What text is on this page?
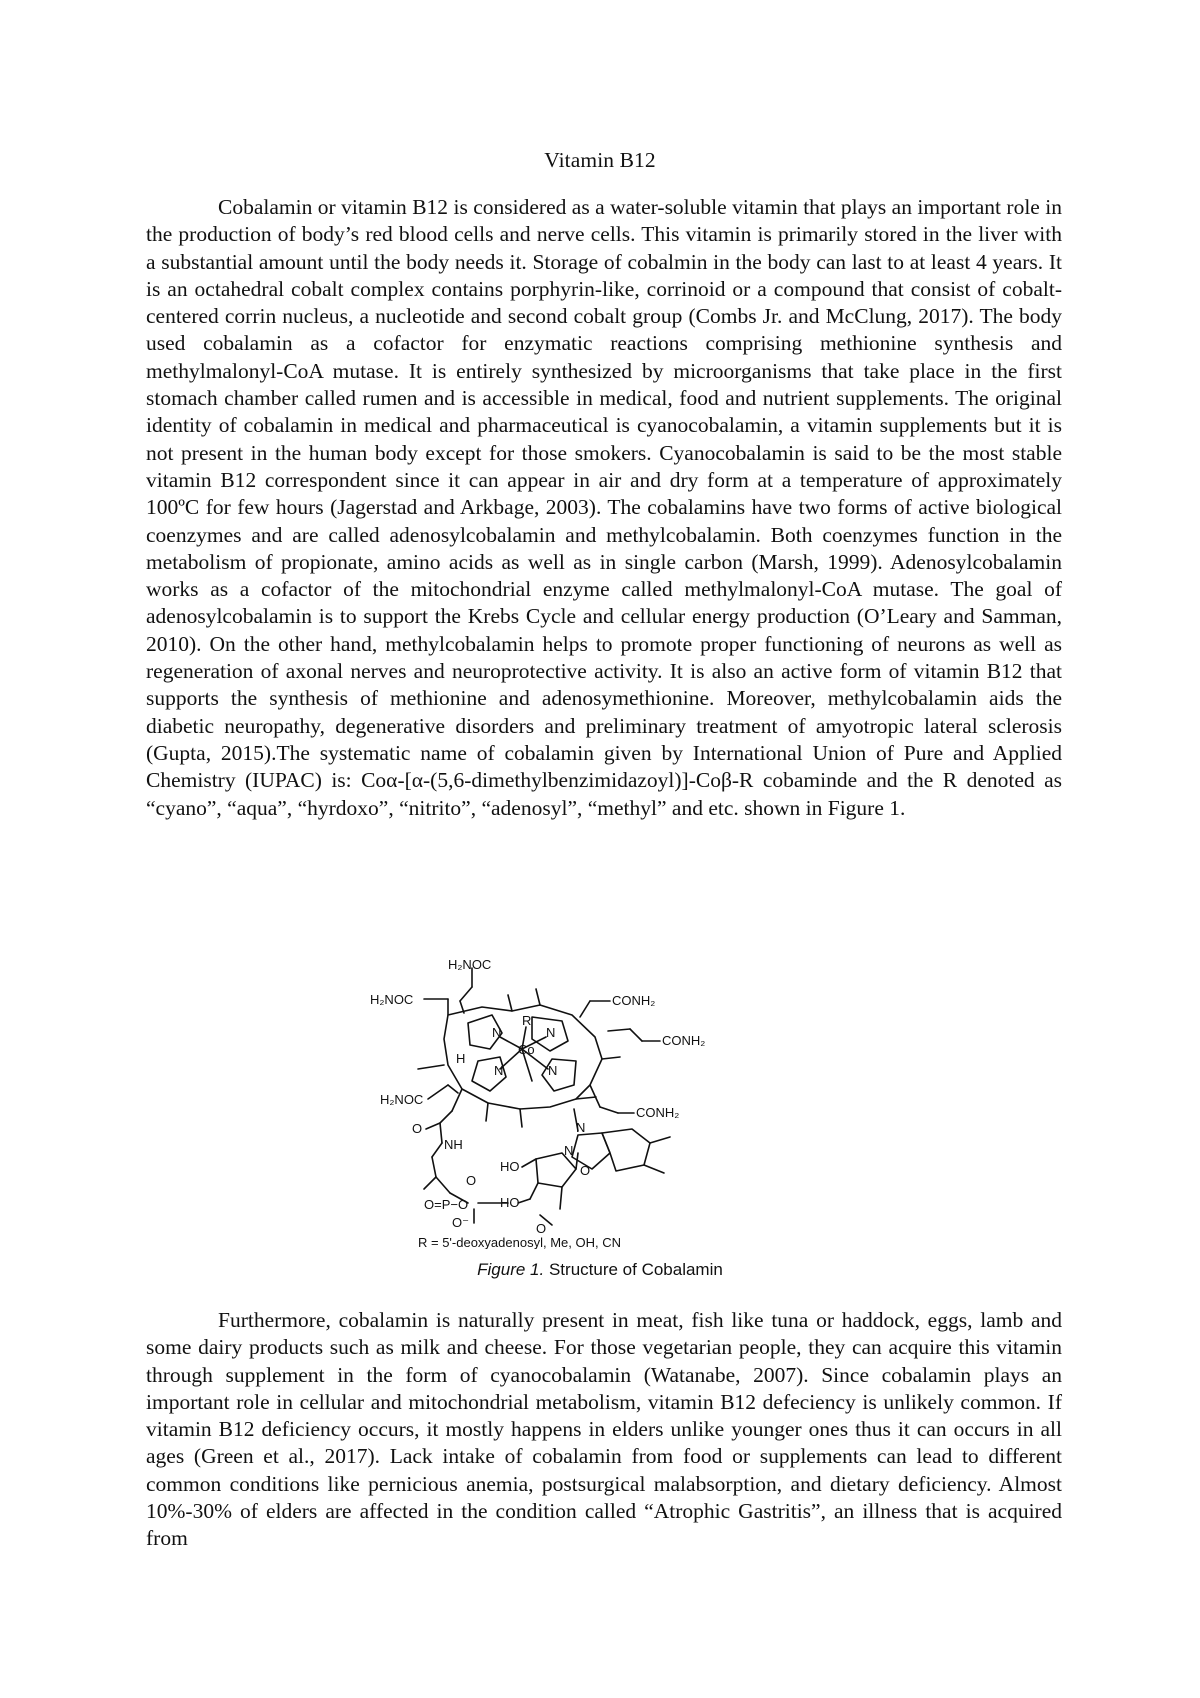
Vitamin B12
Cobalamin or vitamin B12 is considered as a water-soluble vitamin that plays an important role in the production of body’s red blood cells and nerve cells. This vitamin is primarily stored in the liver with a substantial amount until the body needs it. Storage of cobalmin in the body can last to at least 4 years. It is an octahedral cobalt complex contains porphyrin-like, corrinoid or a compound that consist of cobalt-centered corrin nucleus, a nucleotide and second cobalt group (Combs Jr. and McClung, 2017). The body used cobalamin as a cofactor for enzymatic reactions comprising methionine synthesis and methylmalonyl-CoA mutase. It is entirely synthesized by microorganisms that take place in the first stomach chamber called rumen and is accessible in medical, food and nutrient supplements. The original identity of cobalamin in medical and pharmaceutical is cyanocobalamin, a vitamin supplements but it is not present in the human body except for those smokers. Cyanocobalamin is said to be the most stable vitamin B12 correspondent since it can appear in air and dry form at a temperature of approximately 100ºC for few hours (Jagerstad and Arkbage, 2003). The cobalamins have two forms of active biological coenzymes and are called adenosylcobalamin and methylcobalamin. Both coenzymes function in the metabolism of propionate, amino acids as well as in single carbon (Marsh, 1999). Adenosylcobalamin works as a cofactor of the mitochondrial enzyme called methylmalonyl-CoA mutase. The goal of adenosylcobalamin is to support the Krebs Cycle and cellular energy production (O’Leary and Samman, 2010). On the other hand, methylcobalamin helps to promote proper functioning of neurons as well as regeneration of axonal nerves and neuroprotective activity. It is also an active form of vitamin B12 that supports the synthesis of methionine and adenosymethionine. Moreover, methylcobalamin aids the diabetic neuropathy, degenerative disorders and preliminary treatment of amyotropic lateral sclerosis (Gupta, 2015).The systematic name of cobalamin given by International Union of Pure and Applied Chemistry (IUPAC) is: Coα-[α-(5,6-dimethylbenzimidazoyl)]-Coβ-R cobaminde and the R denoted as “cyano”, “aqua”, “hyrdoxo”, “nitrito”, “adenosyl”, “methyl” and etc. shown in Figure 1.
H₂NOC
H₂NOC
H₂NOC
CONH₂
CONH₂
CONH₂
N	N
N	N
N
N
Co
R
H
O
NH
HO
HO
O
O
O=P−O
O⁻	O
R = 5'-deoxyadenosyl, Me, OH, CN
Figure 1. Structure of Cobalamin
Furthermore, cobalamin is naturally present in meat, fish like tuna or haddock, eggs, lamb and some dairy products such as milk and cheese. For those vegetarian people, they can acquire this vitamin through supplement in the form of cyanocobalamin (Watanabe, 2007). Since cobalamin plays an important role in cellular and mitochondrial metabolism, vitamin B12 defeciency is unlikely common. If vitamin B12 deficiency occurs, it mostly happens in elders unlike younger ones thus it can occurs in all ages (Green et al., 2017). Lack intake of cobalamin from food or supplements can lead to different common conditions like pernicious anemia, postsurgical malabsorption, and dietary deficiency. Almost 10%-30% of elders are affected in the condition called “Atrophic Gastritis”, an illness that is acquired from
